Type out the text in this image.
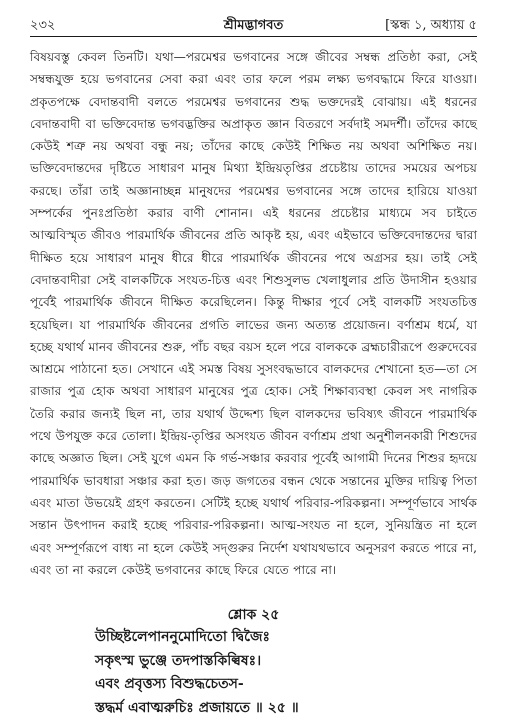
২৩২	শ্রীমদ্ভাগবত	[স্কন্ধ ১, অধ্যায় ৫

বিষয়বস্তু কেবল তিনটি। যথা—পরমেশ্বর ভগবানের সঙ্গে জীবের সম্বন্ধ প্রতিষ্ঠা করা, সেই সম্বন্ধযুক্ত হয়ে ভগবানের সেবা করা এবং তার ফলে পরম লক্ষ্য ভগবদ্ধামে ফিরে যাওয়া। প্রকৃতপক্ষে বেদান্তবাদী বলতে পরমেশ্বর ভগবানের শুদ্ধ ভক্তদেরই বোঝায়। এই ধরনের বেদান্তবাদী বা ভক্তিবেদান্ত ভগবদ্ভক্তির অপ্রাকৃত জ্ঞান বিতরণে সর্বদাই সমদর্শী। তাঁদের কাছে কেউই শত্রু নয় অথবা বন্ধু নয়; তাঁদের কাছে কেউই শিক্ষিত নয় অথবা অশিক্ষিত নয়। ভক্তিবেদান্তদের দৃষ্টিতে সাধারণ মানুষ মিথ্যা ইন্দ্রিয়তৃপ্তির প্রচেষ্টায় তাদের সময়ের অপচয় করছে। তাঁরা তাই অজ্ঞানাচ্ছন্ন মানুষদের পরমেশ্বর ভগবানের সঙ্গে তাদের হারিয়ে যাওয়া সম্পর্কের পুনঃপ্রতিষ্ঠা করার বাণী শোনান। এই ধরনের প্রচেষ্টার মাধ্যমে সব চাইতে আত্মবিস্মৃত জীবও পারমার্থিক জীবনের প্রতি আকৃষ্ট হয়, এবং এইভাবে ভক্তিবেদান্তদের দ্বারা দীক্ষিত হয়ে সাধারণ মানুষ ধীরে ধীরে পারমার্থিক জীবনের পথে অগ্রসর হয়। তাই সেই বেদান্তবাদীরা সেই বালকটিকে সংযত-চিত্ত এবং শিশুসুলভ খেলাধুলার প্রতি উদাসীন হওয়ার পূর্বেই পারমার্থিক জীবনে দীক্ষিত করেছিলেন। কিন্তু দীক্ষার পূর্বে সেই বালকটি সংযতচিত্ত হয়েছিল। যা পারমার্থিক জীবনের প্রগতি লাভের জন্য অত্যন্ত প্রয়োজন। বর্ণাশ্রম ধর্মে, যা হচ্ছে যথার্থ মানব জীবনের শুরু, পাঁচ বছর বয়স হলে পরে বালককে ব্রহ্মচারীরূপে গুরুদেবের আশ্রমে পাঠানো হত। সেখানে এই সমস্ত বিষয় সুসংবদ্ধভাবে বালকদের শেখানো হত—তা সে রাজার পুত্র হোক অথবা সাধারণ মানুষের পুত্র হোক। সেই শিক্ষাব্যবস্থা কেবল সৎ নাগরিক তৈরি করার জন্যই ছিল না, তার যথার্থ উদ্দেশ্য ছিল বালকদের ভবিষ্যৎ জীবনে পারমার্থিক পথে উপযুক্ত করে তোলা। ইন্দ্রিয়-তৃপ্তির অসংযত জীবন বর্ণাশ্রম প্রথা অনুশীলনকারী শিশুদের কাছে অজ্ঞাত ছিল। সেই যুগে এমন কি গর্ভ-সঞ্চার করবার পূর্বেই আগামী দিনের শিশুর হৃদয়ে পারমার্থিক ভাবধারা সঞ্চার করা হত। জড় জগতের বন্ধন থেকে সন্তানের মুক্তির দায়িত্ব পিতা এবং মাতা উভয়েই গ্রহণ করতেন। সেটিই হচ্ছে যথার্থ পরিবার-পরিকল্পনা। সম্পূর্ণভাবে সার্থক সন্তান উৎপাদন করাই হচ্ছে পরিবার-পরিকল্পনা। আত্ম-সংযত না হলে, সুনিয়ন্ত্রিত না হলে এবং সম্পূর্ণরূপে বাধ্য না হলে কেউই সদ্গুরুর নির্দেশ যথাযথভাবে অনুসরণ করতে পারে না, এবং তা না করলে কেউই ভগবানের কাছে ফিরে যেতে পারে না।

শ্লোক ২৫
উচ্ছিষ্টলেপাননুমোদিতো দ্বিজৈঃ
সকৃৎস্ম ভুঞ্জে তদপাস্তকিল্বিষঃ।
এবং প্রবৃত্তস্য বিশুদ্ধচেতস-
স্তদ্ধর্ম এবাত্মরুচিঃ প্রজায়তে ॥ ২৫ ॥
